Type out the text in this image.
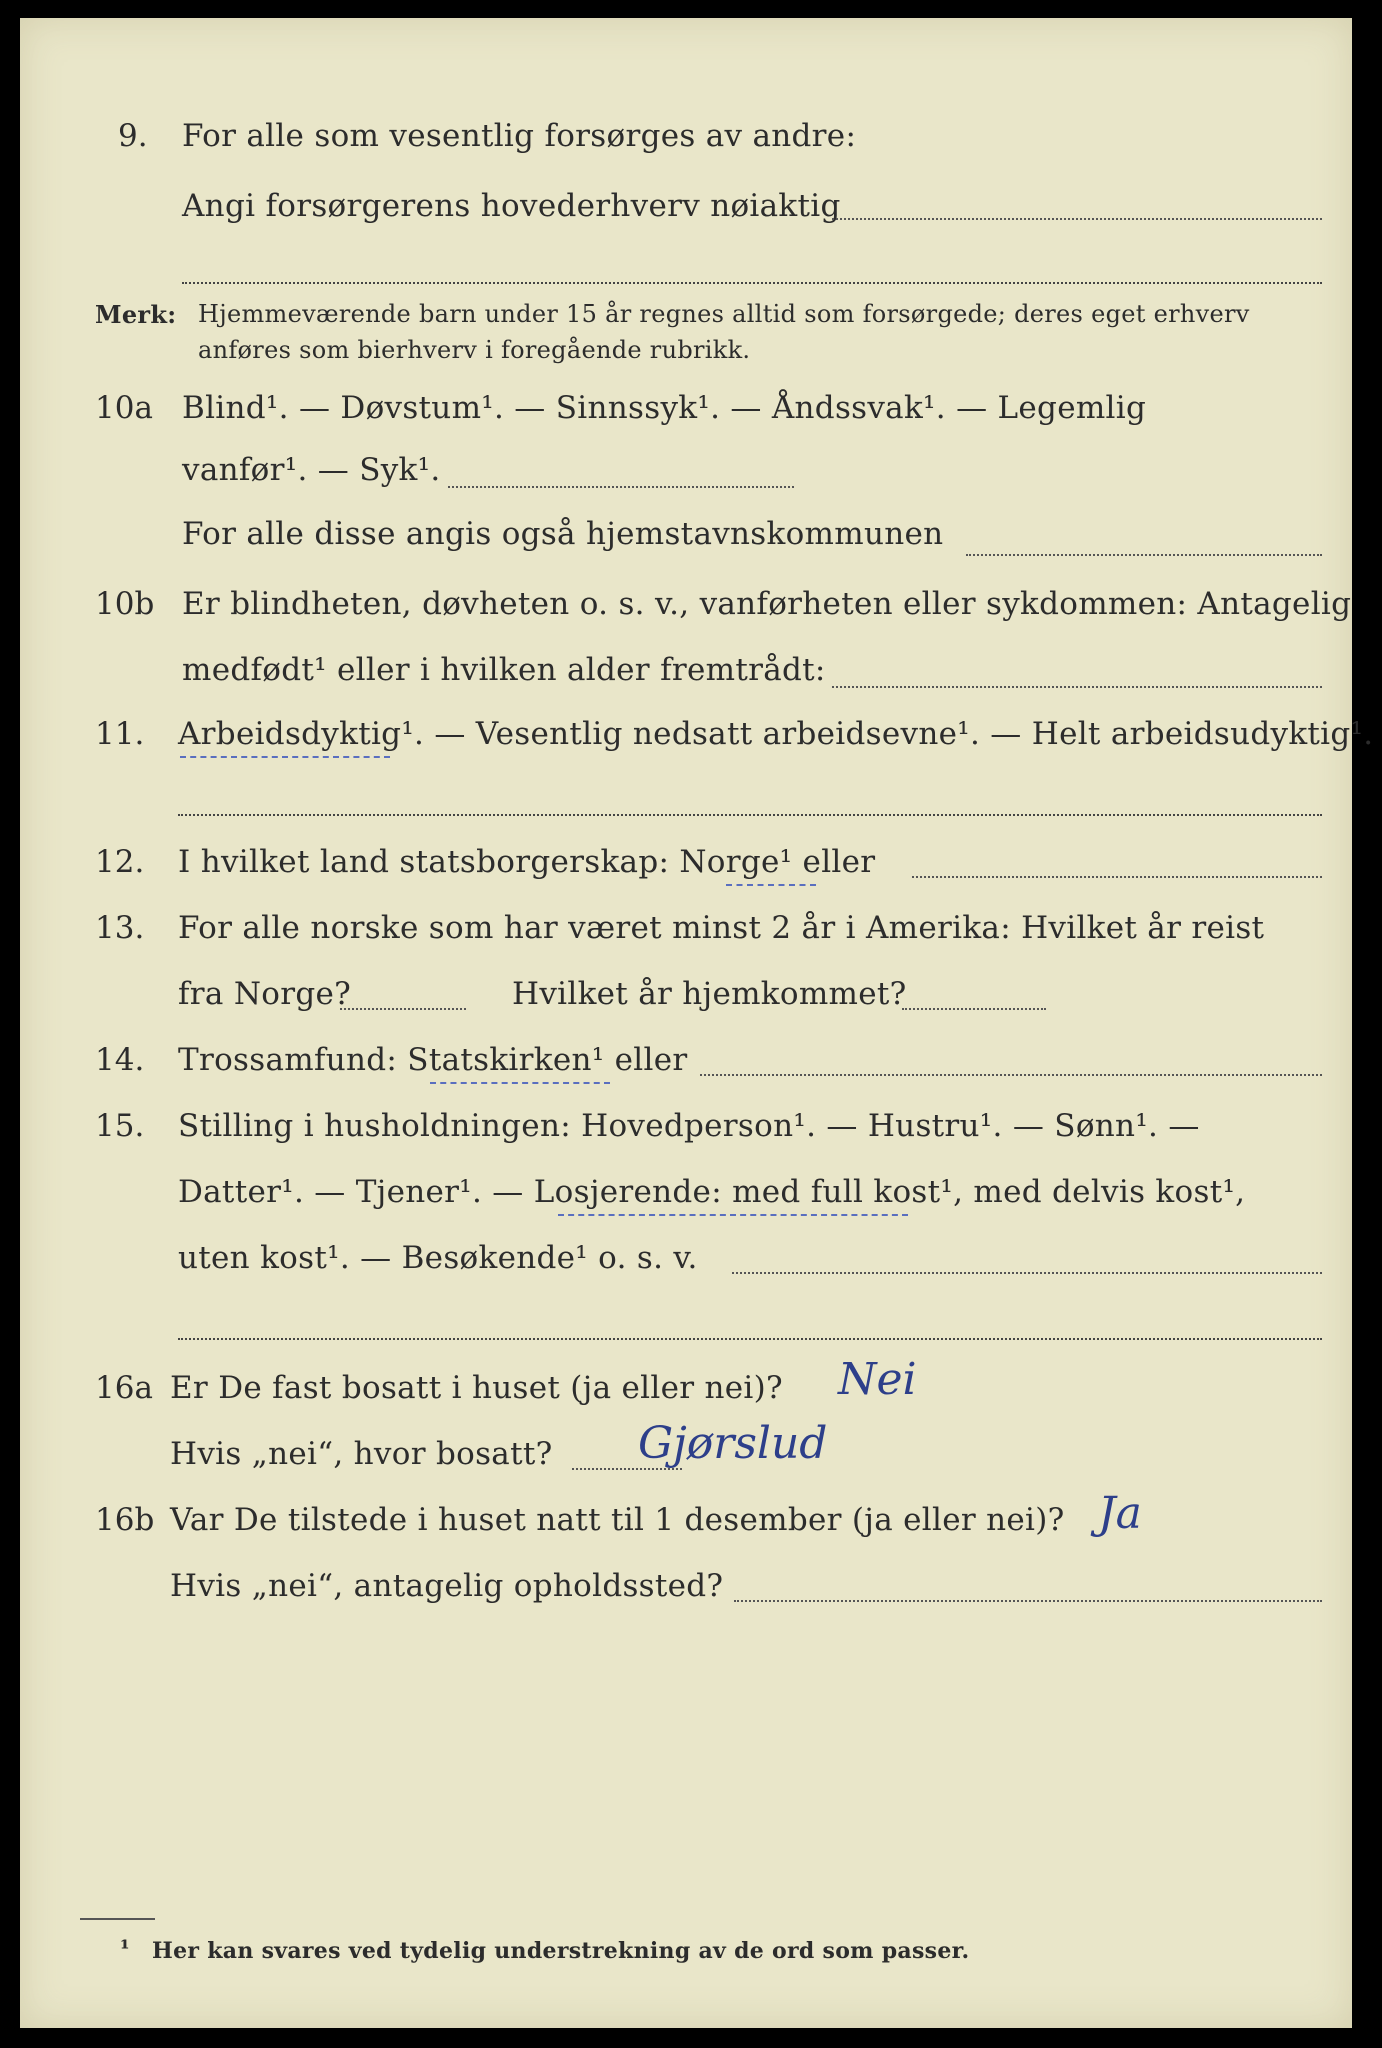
9. For alle som vesentlig forsørges av andre:
Angi forsørgerens hovederhverv nøiaktig
Merk: Hjemmeværende barn under 15 år regnes alltid som forsørgede; deres eget erhverv
anføres som bierhverv i foregående rubrikk.
10a Blind¹. — Døvstum¹. — Sinnssyk¹. — Åndssvak¹. — Legemlig
vanfør¹. — Syk¹.
For alle disse angis også hjemstavnskommunen
10b Er blindheten, døvheten o. s. v., vanførheten eller sykdommen: Antagelig
medfødt¹ eller i hvilken alder fremtrådt:
11. Arbeidsdyktig¹. — Vesentlig nedsatt arbeidsevne¹. — Helt arbeidsudyktig¹.
12. I hvilket land statsborgerskap: Norge¹ eller
13. For alle norske som har været minst 2 år i Amerika: Hvilket år reist
fra Norge?	Hvilket år hjemkommet?
14. Trossamfund: Statskirken¹ eller
15. Stilling i husholdningen: Hovedperson¹. — Hustru¹. — Sønn¹. —
Datter¹. — Tjener¹. — Losjerende: med full kost¹, med delvis kost¹,
uten kost¹. — Besøkende¹ o. s. v.
16a Er De fast bosatt i huset (ja eller nei)? Nei
Hvis „nei“, hvor bosatt? Gjørslud
16b Var De tilstede i huset natt til 1 desember (ja eller nei)? Ja
Hvis „nei“, antagelig opholdssted?
¹ Her kan svares ved tydelig understrekning av de ord som passer.
